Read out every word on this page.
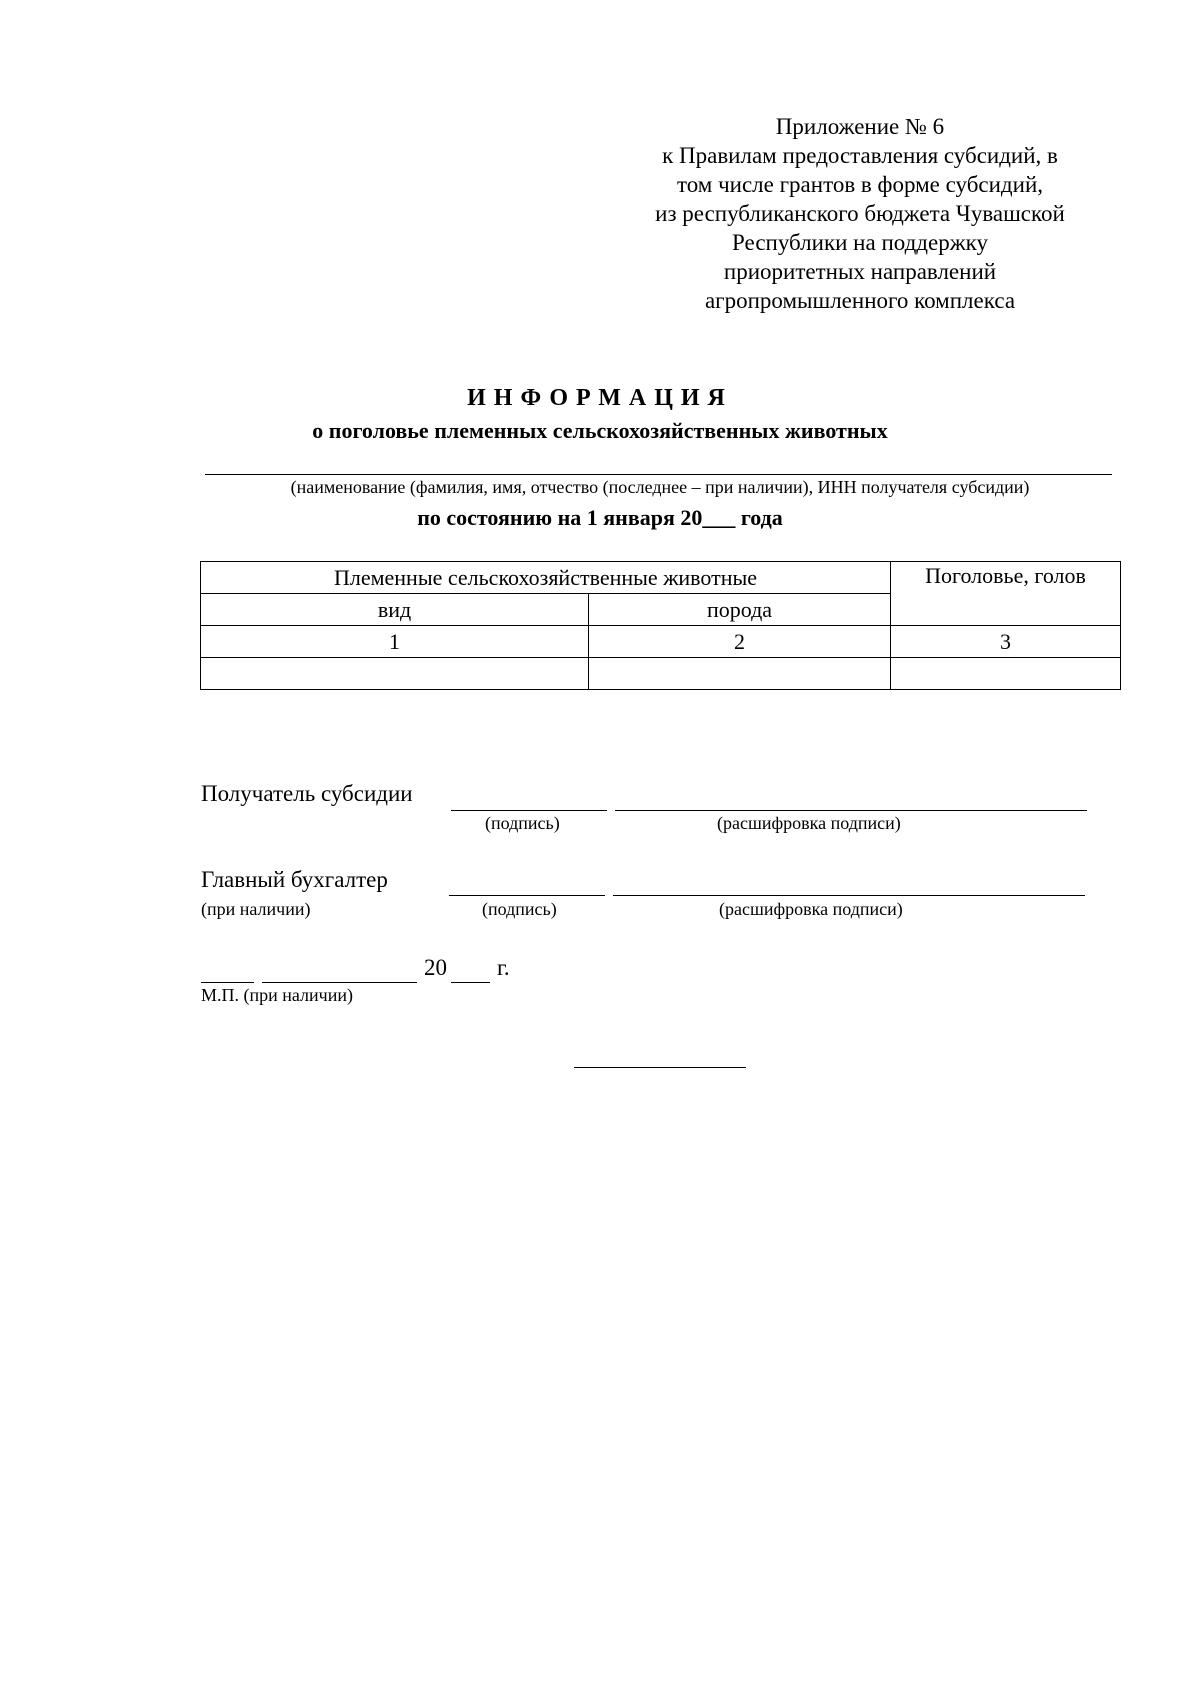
Приложение № 6
к Правилам предоставления субсидий, в
том числе грантов в форме субсидий,
из республиканского бюджета Чувашской
Республики на поддержку
приоритетных направлений
агропромышленного комплекса
ИНФОРМАЦИЯ
о поголовье племенных сельскохозяйственных животных
(наименование (фамилия, имя, отчество (последнее – при наличии), ИНН получателя субсидии)
по состоянию на 1 января 20___ года
Племенные сельскохозяйственные животные		Поголовье, голов
вид	порода	
1	2	3

Получатель субсидии
(подпись)	(расшифровка подписи)
Главный бухгалтер
(при наличии)	(подпись)	(расшифровка подписи)
20 г.
М.П. (при наличии)
